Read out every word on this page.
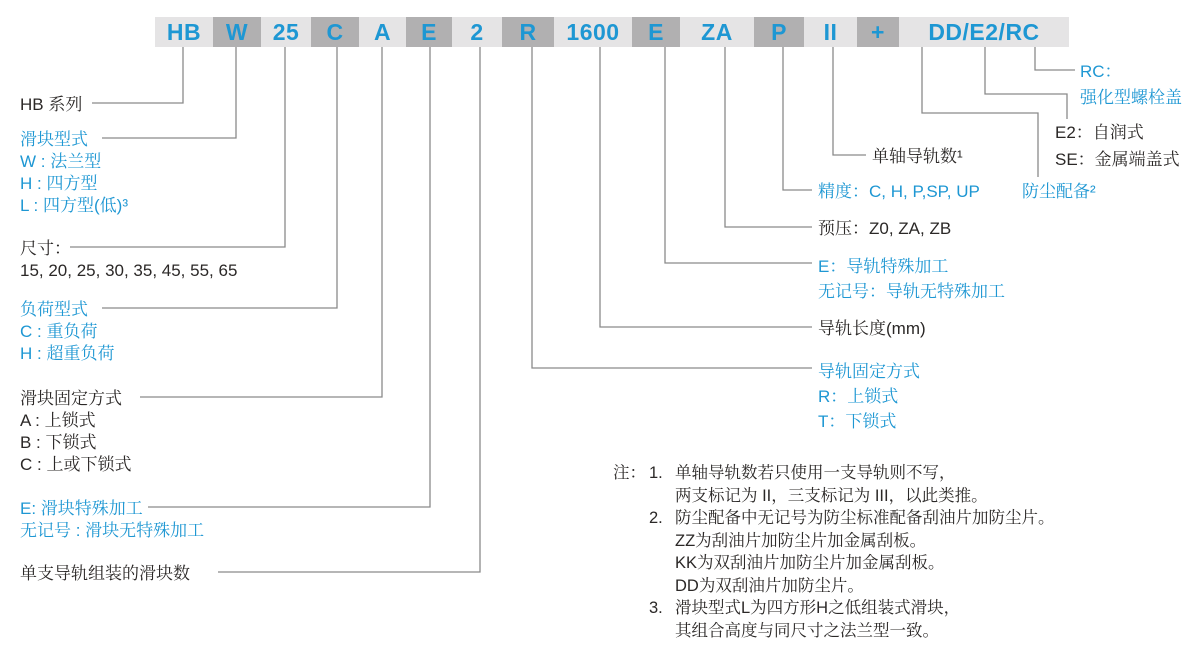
HB	W	25	C	A	E	2	R	1600	E	ZA	P	II	+	DD/E2/RC
HB 系列
滑块型式
W : 法兰型
H : 四方型
L : 四方型(低)³
尺寸：
15, 20, 25, 30, 35, 45, 55, 65
负荷型式
C : 重负荷
H : 超重负荷
滑块固定方式
A : 上锁式
B : 下锁式
C : 上或下锁式
E: 滑块特殊加工
无记号 : 滑块无特殊加工
单支导轨组装的滑块数
单轴导轨数¹
精度：C, H, P,SP, UP
预压：Z0, ZA, ZB
E：导轨特殊加工
无记号：导轨无特殊加工
导轨长度(mm)
导轨固定方式
R：上锁式
T：下锁式
RC：
强化型螺栓盖
E2：自润式
SE：金属端盖式
防尘配备²
注： 1. 单轴导轨数若只使用一支导轨则不写，
两支标记为 II，三支标记为 III，以此类推。
2. 防尘配备中无记号为防尘标准配备刮油片加防尘片。
ZZ为刮油片加防尘片加金属刮板。
KK为双刮油片加防尘片加金属刮板。
DD为双刮油片加防尘片。
3. 滑块型式L为四方形H之低组装式滑块，
其组合高度与同尺寸之法兰型一致。
